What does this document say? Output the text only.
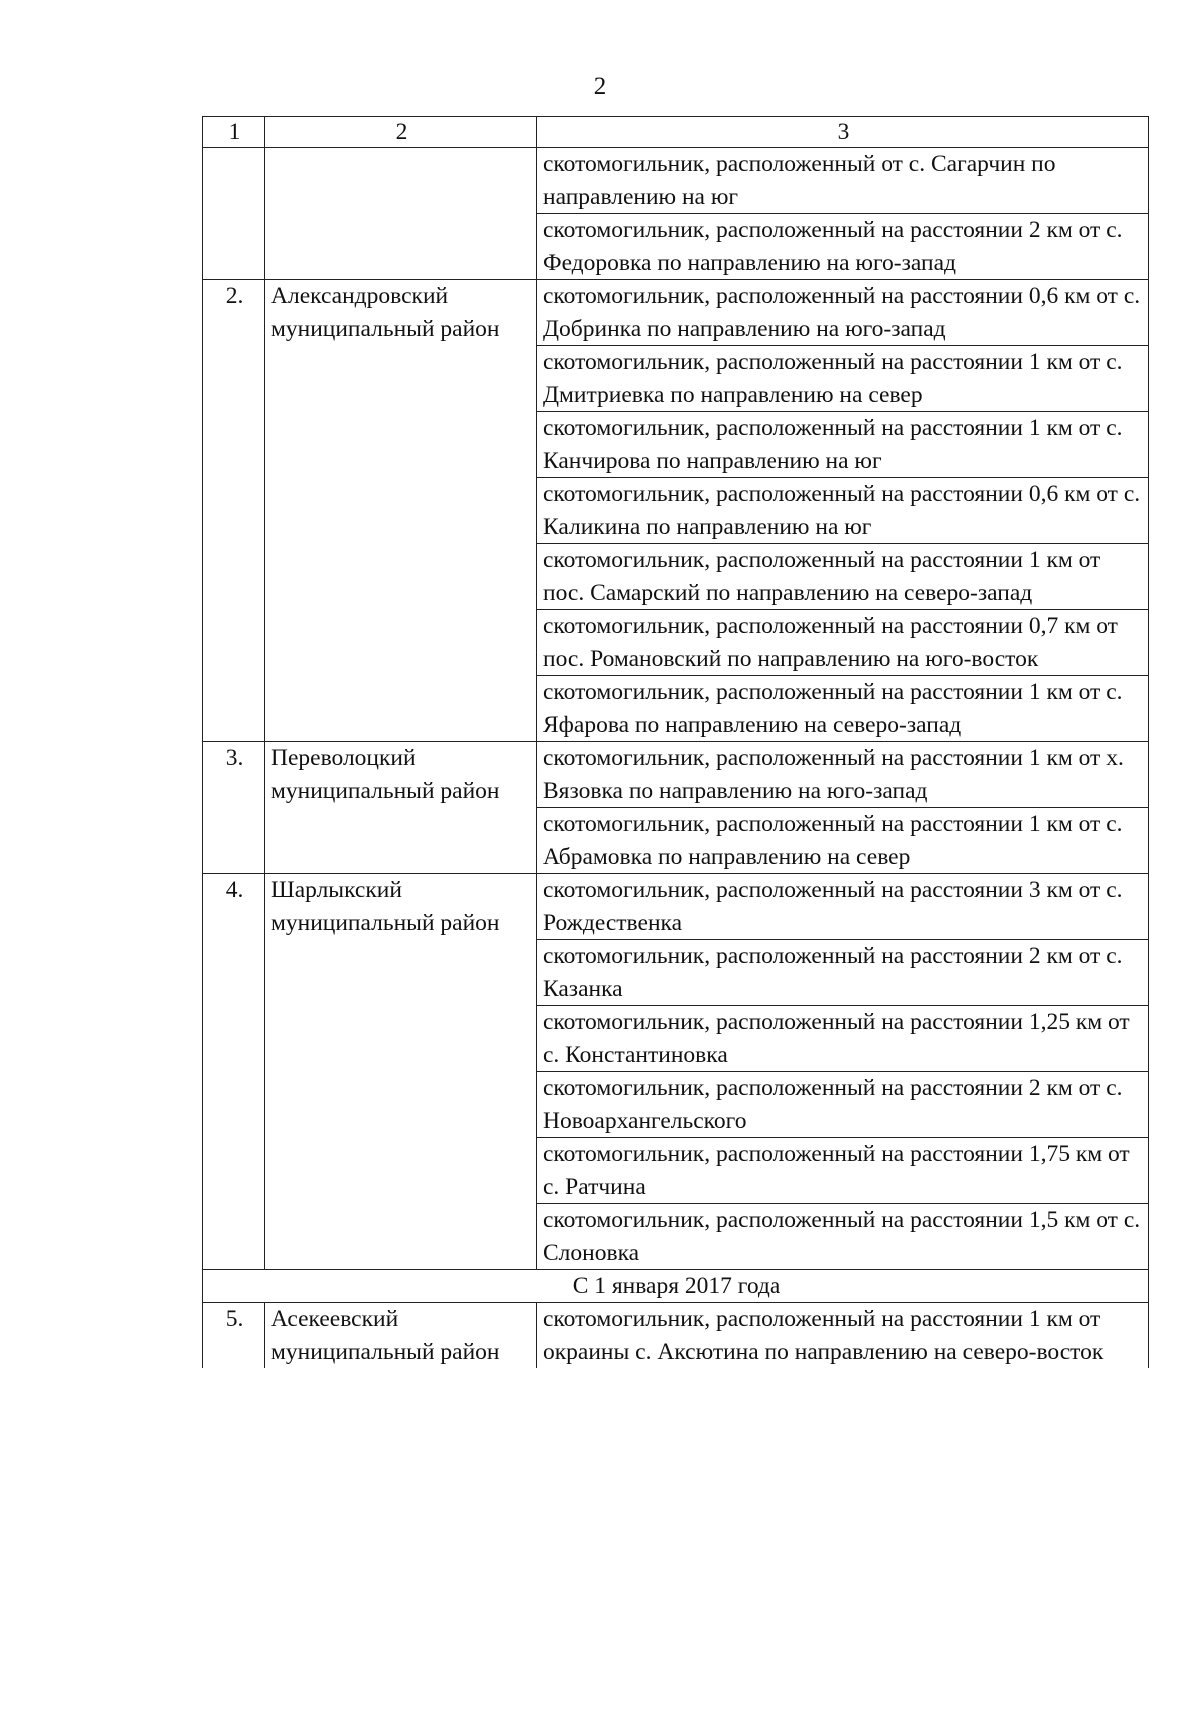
2
1	2	3
		скотомогильник, расположенный от с. Сагарчин по направлению на юг
		скотомогильник, расположенный на расстоянии 2 км от с. Федоровка по направлению на юго-запад
2.	Александровский муниципальный район	скотомогильник, расположенный на расстоянии 0,6 км от с. Добринка по направлению на юго-запад
		скотомогильник, расположенный на расстоянии 1 км от с. Дмитриевка по направлению на север
		скотомогильник, расположенный на расстоянии 1 км от с. Канчирова по направлению на юг
		скотомогильник, расположенный на расстоянии 0,6 км от с. Каликина по направлению на юг
		скотомогильник, расположенный на расстоянии 1 км от пос. Самарский по направлению на северо-запад
		скотомогильник, расположенный на расстоянии 0,7 км от пос. Романовский по направлению на юго-восток
		скотомогильник, расположенный на расстоянии 1 км от с. Яфарова по направлению на северо-запад
3.	Переволоцкий муниципальный район	скотомогильник, расположенный на расстоянии 1 км от х. Вязовка по направлению на юго-запад
		скотомогильник, расположенный на расстоянии 1 км от с. Абрамовка по направлению на север
4.	Шарлыкский муниципальный район	скотомогильник, расположенный на расстоянии 3 км от с. Рождественка
		скотомогильник, расположенный на расстоянии 2 км от с. Казанка
		скотомогильник, расположенный на расстоянии 1,25 км от с. Константиновка
		скотомогильник, расположенный на расстоянии 2 км от с. Новоархангельского
		скотомогильник, расположенный на расстоянии 1,75 км от с. Ратчина
		скотомогильник, расположенный на расстоянии 1,5 км от с. Слоновка
С 1 января 2017 года		
5.	Асекеевский муниципальный район	скотомогильник, расположенный на расстоянии 1 км от окраины с. Аксютина по направлению на северо-восток
